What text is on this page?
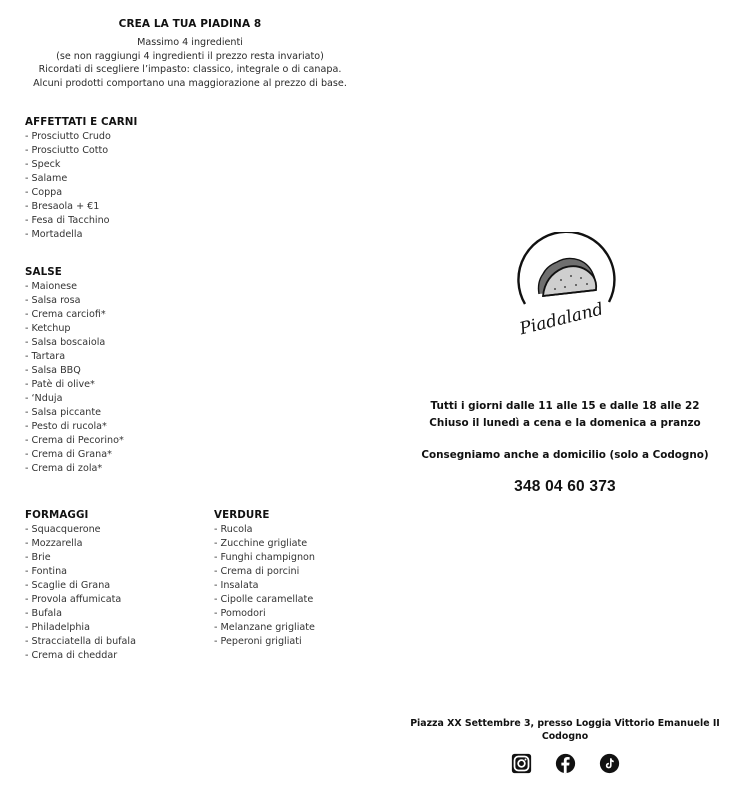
CREA LA TUA PIADINA 8
Massimo 4 ingredienti
(se non raggiungi 4 ingredienti il prezzo resta invariato)
Ricordati di scegliere l’impasto: classico, integrale o di canapa.
Alcuni prodotti comportano una maggiorazione al prezzo di base.
AFFETTATI E CARNI
- Prosciutto Crudo
- Prosciutto Cotto
- Speck
- Salame
- Coppa
- Bresaola + €1
- Fesa di Tacchino
- Mortadella
SALSE
- Maionese
- Salsa rosa
- Crema carciofi*
- Ketchup
- Salsa boscaiola
- Tartara
- Salsa BBQ
- Patè di olive*
- ‘Nduja
- Salsa piccante
- Pesto di rucola*
- Crema di Pecorino*
- Crema di Grana*
- Crema di zola*
FORMAGGI
- Squacquerone
- Mozzarella
- Brie
- Fontina
- Scaglie di Grana
- Provola affumicata
- Bufala
- Philadelphia
- Stracciatella di bufala
- Crema di cheddar
VERDURE
- Rucola
- Zucchine grigliate
- Funghi champignon
- Crema di porcini
- Insalata
- Cipolle caramellate
- Pomodori
- Melanzane grigliate
- Peperoni grigliati
Piadaland
Tutti i giorni dalle 11 alle 15 e dalle 18 alle 22
Chiuso il lunedì a cena e la domenica a pranzo
Consegniamo anche a domicilio (solo a Codogno)
348 04 60 373
Piazza XX Settembre 3, presso Loggia Vittorio Emanuele II
Codogno
